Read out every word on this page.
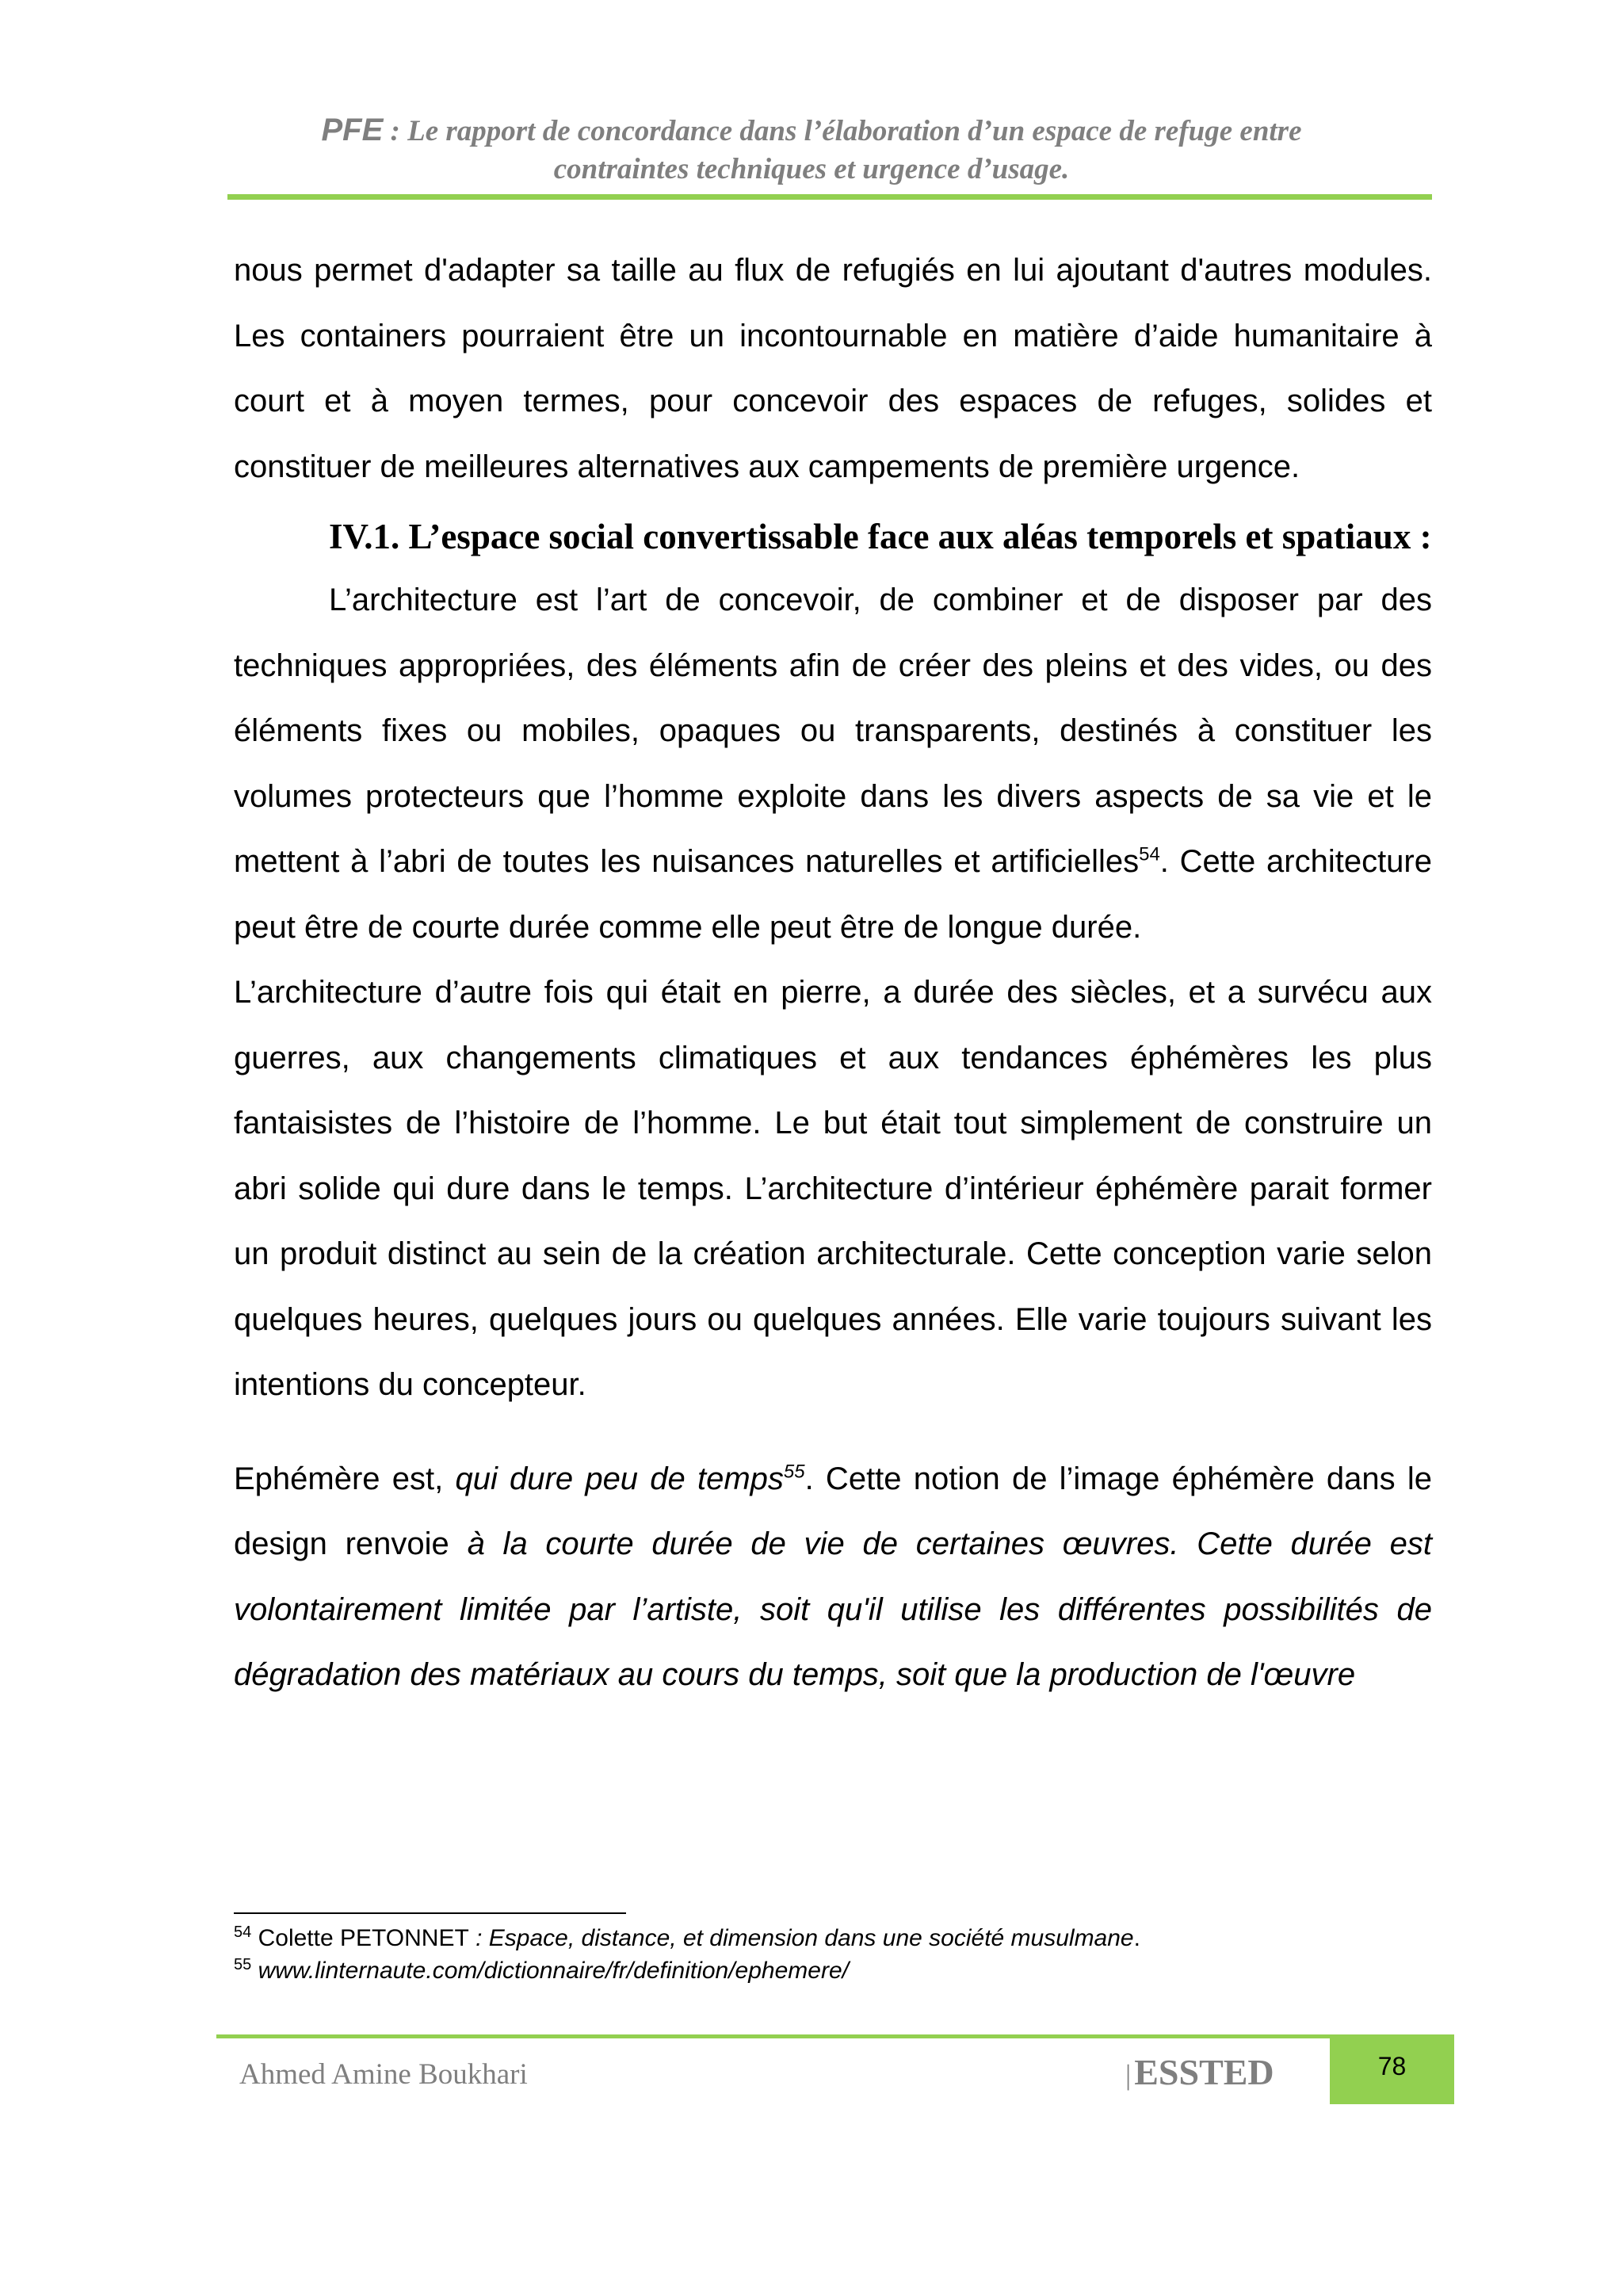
PFE : Le rapport de concordance dans l’élaboration d’un espace de refuge entre
contraintes techniques et urgence d’usage.

nous permet d'adapter sa taille au flux de refugiés en lui ajoutant d'autres modules. Les containers pourraient être un incontournable en matière d’aide humanitaire à court et à moyen termes, pour concevoir des espaces de refuges, solides et constituer de meilleures alternatives aux campements de première urgence.

IV.1. L’espace social convertissable face aux aléas temporels et spatiaux :

L’architecture est l’art de concevoir, de combiner et de disposer par des techniques appropriées, des éléments afin de créer des pleins et des vides, ou des éléments fixes ou mobiles, opaques ou transparents, destinés à constituer les volumes protecteurs que l’homme exploite dans les divers aspects de sa vie et le mettent à l’abri de toutes les nuisances naturelles et artificielles$^{54}$. Cette architecture peut être de courte durée comme elle peut être de longue durée.

L’architecture d’autre fois qui était en pierre, a durée des siècles, et a survécu aux guerres, aux changements climatiques et aux tendances éphémères les plus fantaisistes de l’histoire de l’homme. Le but était tout simplement de construire un abri solide qui dure dans le temps. L’architecture d’intérieur éphémère parait former un produit distinct au sein de la création architecturale. Cette conception varie selon quelques heures, quelques jours ou quelques années. Elle varie toujours suivant les intentions du concepteur.

Ephémère est, qui dure peu de temps$^{55}$. Cette notion de l’image éphémère dans le design renvoie à la courte durée de vie de certaines œuvres. Cette durée est volontairement limitée par l’artiste, soit qu'il utilise les différentes possibilités de dégradation des matériaux au cours du temps, soit que la production de l'œuvre

$^{54}$ Colette PETONNET : Espace, distance, et dimension dans une société musulmane.
$^{55}$ www.linternaute.com/dictionnaire/fr/definition/ephemere/
Ahmed Amine Boukhari	|ESSTED	78
